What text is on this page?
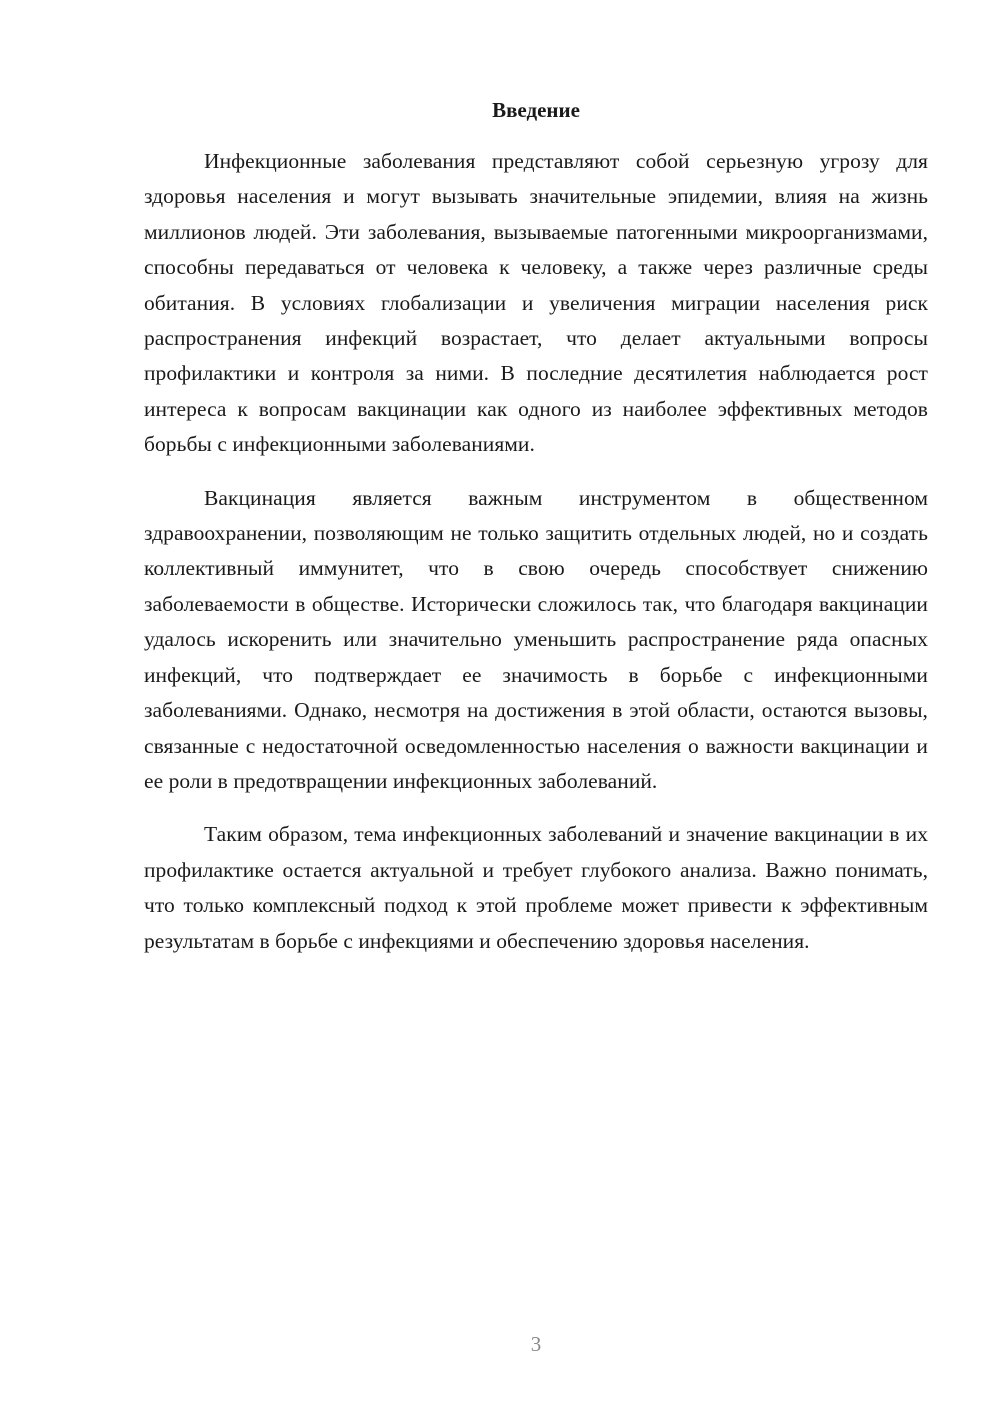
Введение

Инфекционные заболевания представляют собой серьезную угрозу для здоровья населения и могут вызывать значительные эпидемии, влияя на жизнь миллионов людей. Эти заболевания, вызываемые патогенными микроорганизмами, способны передаваться от человека к человеку, а также через различные среды обитания. В условиях глобализации и увеличения миграции населения риск распространения инфекций возрастает, что делает актуальными вопросы профилактики и контроля за ними. В последние десятилетия наблюдается рост интереса к вопросам вакцинации как одного из наиболее эффективных методов борьбы с инфекционными заболеваниями.

Вакцинация является важным инструментом в общественном здравоохранении, позволяющим не только защитить отдельных людей, но и создать коллективный иммунитет, что в свою очередь способствует снижению заболеваемости в обществе. Исторически сложилось так, что благодаря вакцинации удалось искоренить или значительно уменьшить распространение ряда опасных инфекций, что подтверждает ее значимость в борьбе с инфекционными заболеваниями. Однако, несмотря на достижения в этой области, остаются вызовы, связанные с недостаточной осведомленностью населения о важности вакцинации и ее роли в предотвращении инфекционных заболеваний.

Таким образом, тема инфекционных заболеваний и значение вакцинации в их профилактике остается актуальной и требует глубокого анализа. Важно понимать, что только комплексный подход к этой проблеме может привести к эффективным результатам в борьбе с инфекциями и обеспечению здоровья населения.

3
